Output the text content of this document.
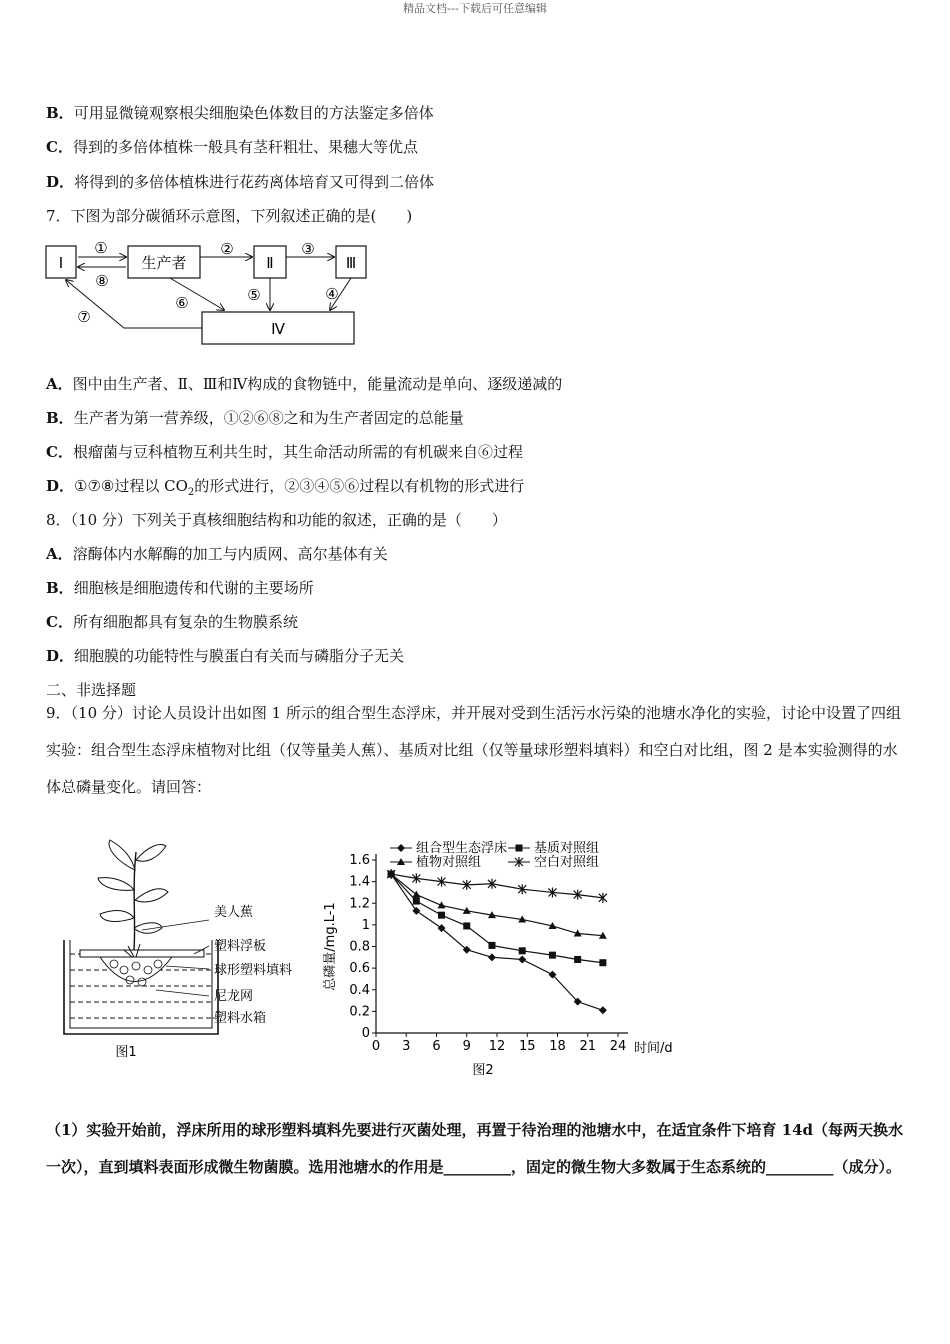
精品文档---下载后可任意编辑
B．可用显微镜观察根尖细胞染色体数目的方法鉴定多倍体
C．得到的多倍体植株一般具有茎秆粗壮、果穗大等优点
D．将得到的多倍体植株进行花药离体培育又可得到二倍体
7．下图为部分碳循环示意图，下列叙述正确的是(　　)
Ⅰ	生产者	Ⅱ	Ⅲ
Ⅳ
①	②	③
④
⑤
⑥
⑦
⑧
A．图中由生产者、Ⅱ、Ⅲ和Ⅳ构成的食物链中，能量流动是单向、逐级递减的
B．生产者为第一营养级，①②⑥⑧之和为生产者固定的总能量
C．根瘤菌与豆科植物互利共生时，其生命活动所需的有机碳来自⑥过程
D．①⑦⑧过程以 $CO_2$的形式进行，②③④⑤⑥过程以有机物的形式进行
8．（10 分）下列关于真核细胞结构和功能的叙述，正确的是（　　）
A．溶酶体内水解酶的加工与内质网、高尔基体有关
B．细胞核是细胞遗传和代谢的主要场所
C．所有细胞都具有复杂的生物膜系统
D．细胞膜的功能特性与膜蛋白有关而与磷脂分子无关
二、非选择题
9．（10 分）讨论人员设计出如图 1 所示的组合型生态浮床，并开展对受到生活污水污染的池塘水净化的实验，讨论中设置了四组实验：组合型生态浮床植物对比组（仅等量美人蕉）、基质对比组（仅等量球形塑料填料）和空白对比组，图 2 是本实验测得的水体总磷量变化。请回答：
美人蕉
塑料浮板
球形塑料填料
尼龙网
塑料水箱
图1
图2
0 3 6 9 12 15 18 21 24
0
0.2
0.4
0.6
0.8
1
1.2
1.4
1.6
时间/d
总磷量/mg.L-1
组合型生态浮床 基质对照组
植物对照组	空白对照组
（1）实验开始前，浮床所用的球形塑料填料先要进行灭菌处理，再置于待治理的池塘水中，在适宜条件下培育 14d（每两天换水一次），直到填料表面形成微生物菌膜。选用池塘水的作用是_________，固定的微生物大多数属于生态系统的_________（成分）。
